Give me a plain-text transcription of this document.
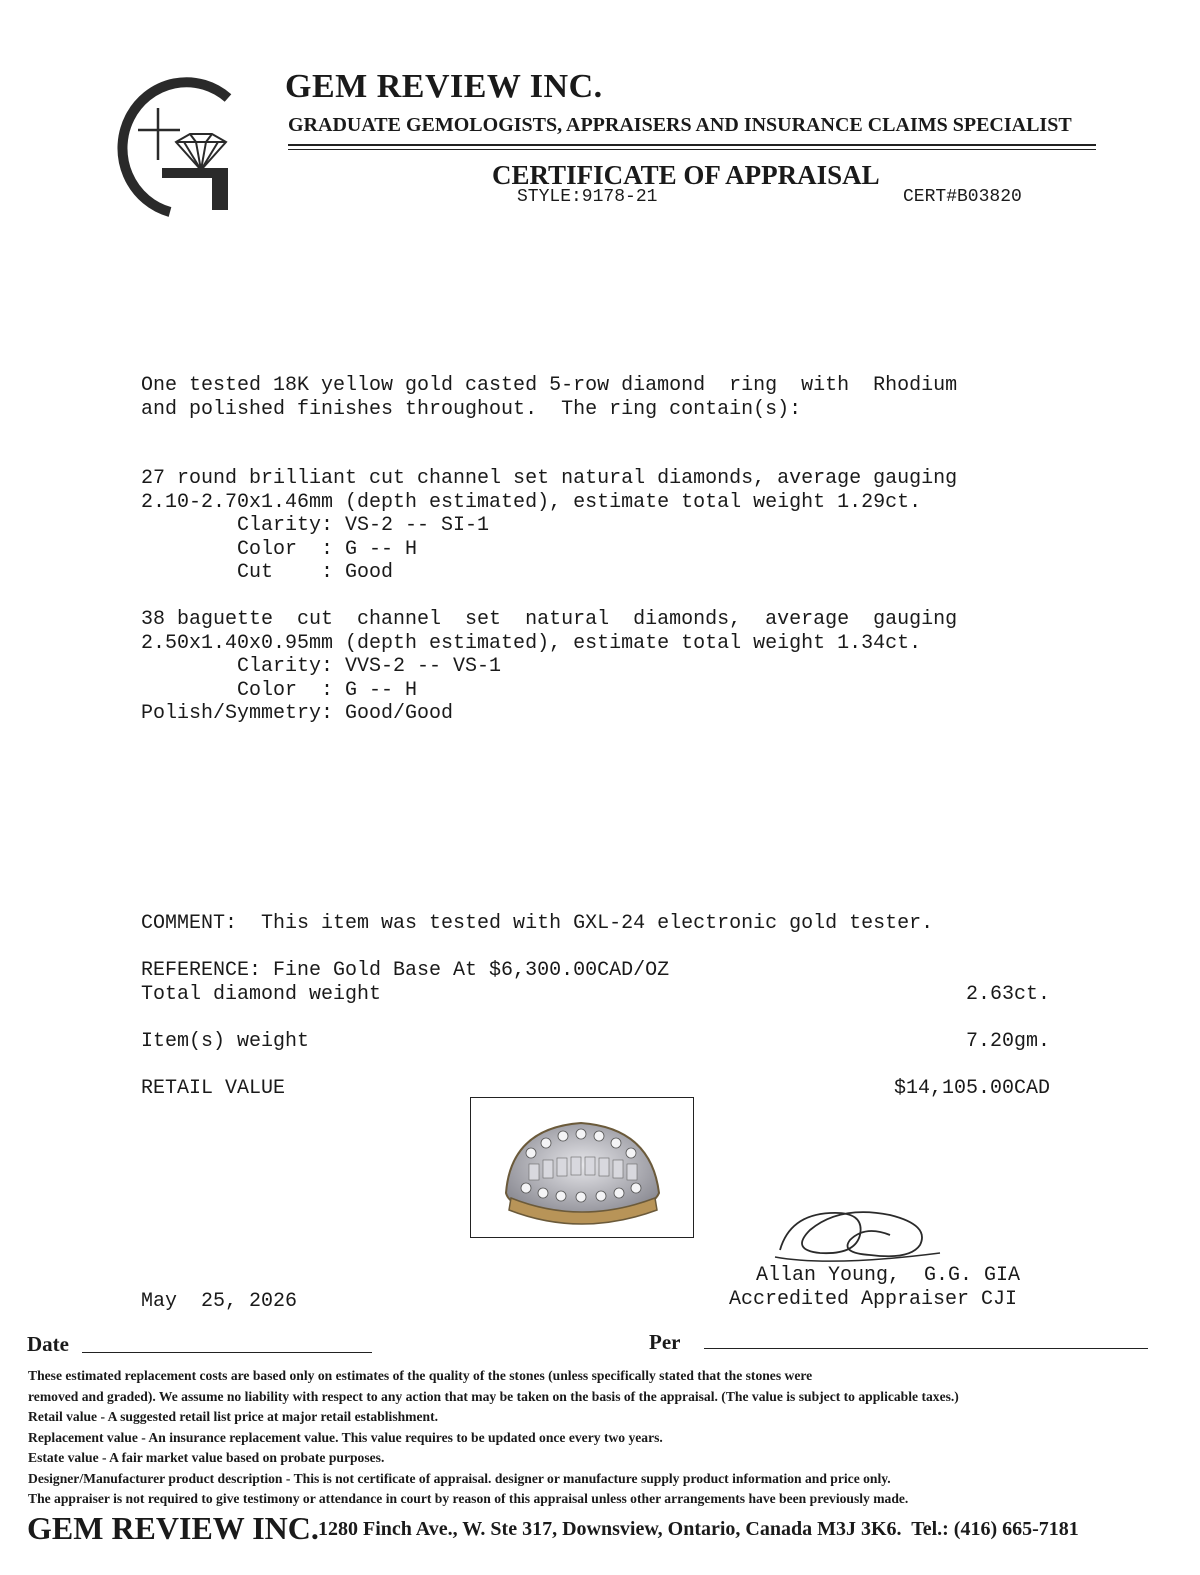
GEM REVIEW INC.
GRADUATE GEMOLOGISTS, APPRAISERS AND INSURANCE CLAIMS SPECIALIST
CERTIFICATE OF APPRAISAL
STYLE:9178-21	CERT#B03820
One tested 18K yellow gold casted 5-row diamond  ring  with  Rhodium
and polished finishes throughout.  The ring contain(s):
27 round brilliant cut channel set natural diamonds, average gauging
2.10-2.70x1.46mm (depth estimated), estimate total weight 1.29ct.
Clarity: VS-2 -- SI-1
Color  : G -- H
Cut    : Good
38 baguette  cut  channel  set  natural  diamonds,  average  gauging
2.50x1.40x0.95mm (depth estimated), estimate total weight 1.34ct.
Clarity: VVS-2 -- VS-1
Color  : G -- H
Polish/Symmetry: Good/Good
COMMENT:  This item was tested with GXL-24 electronic gold tester.
REFERENCE: Fine Gold Base At $6,300.00CAD/OZ
Total diamond weight	2.63ct.
Item(s) weight	7.20gm.
RETAIL VALUE	$14,105.00CAD
Allan Young,  G.G. GIA
Accredited Appraiser CJI
May  25, 2026
Date	Per
These estimated replacement costs are based only on estimates of the quality of the stones (unless specifically stated that the stones were
removed and graded). We assume no liability with respect to any action that may be taken on the basis of the appraisal. (The value is subject to applicable taxes.)
Retail value - A suggested retail list price at major retail establishment.
Replacement value - An insurance replacement value. This value requires to be updated once every two years.
Estate value - A fair market value based on probate purposes.
Designer/Manufacturer product description - This is not certificate of appraisal. designer or manufacture supply product information and price only.
The appraiser is not required to give testimony or attendance in court by reason of this appraisal unless other arrangements have been previously made.
GEM REVIEW INC. 1280 Finch Ave., W. Ste 317, Downsview, Ontario, Canada M3J 3K6.  Tel.: (416) 665-7181
